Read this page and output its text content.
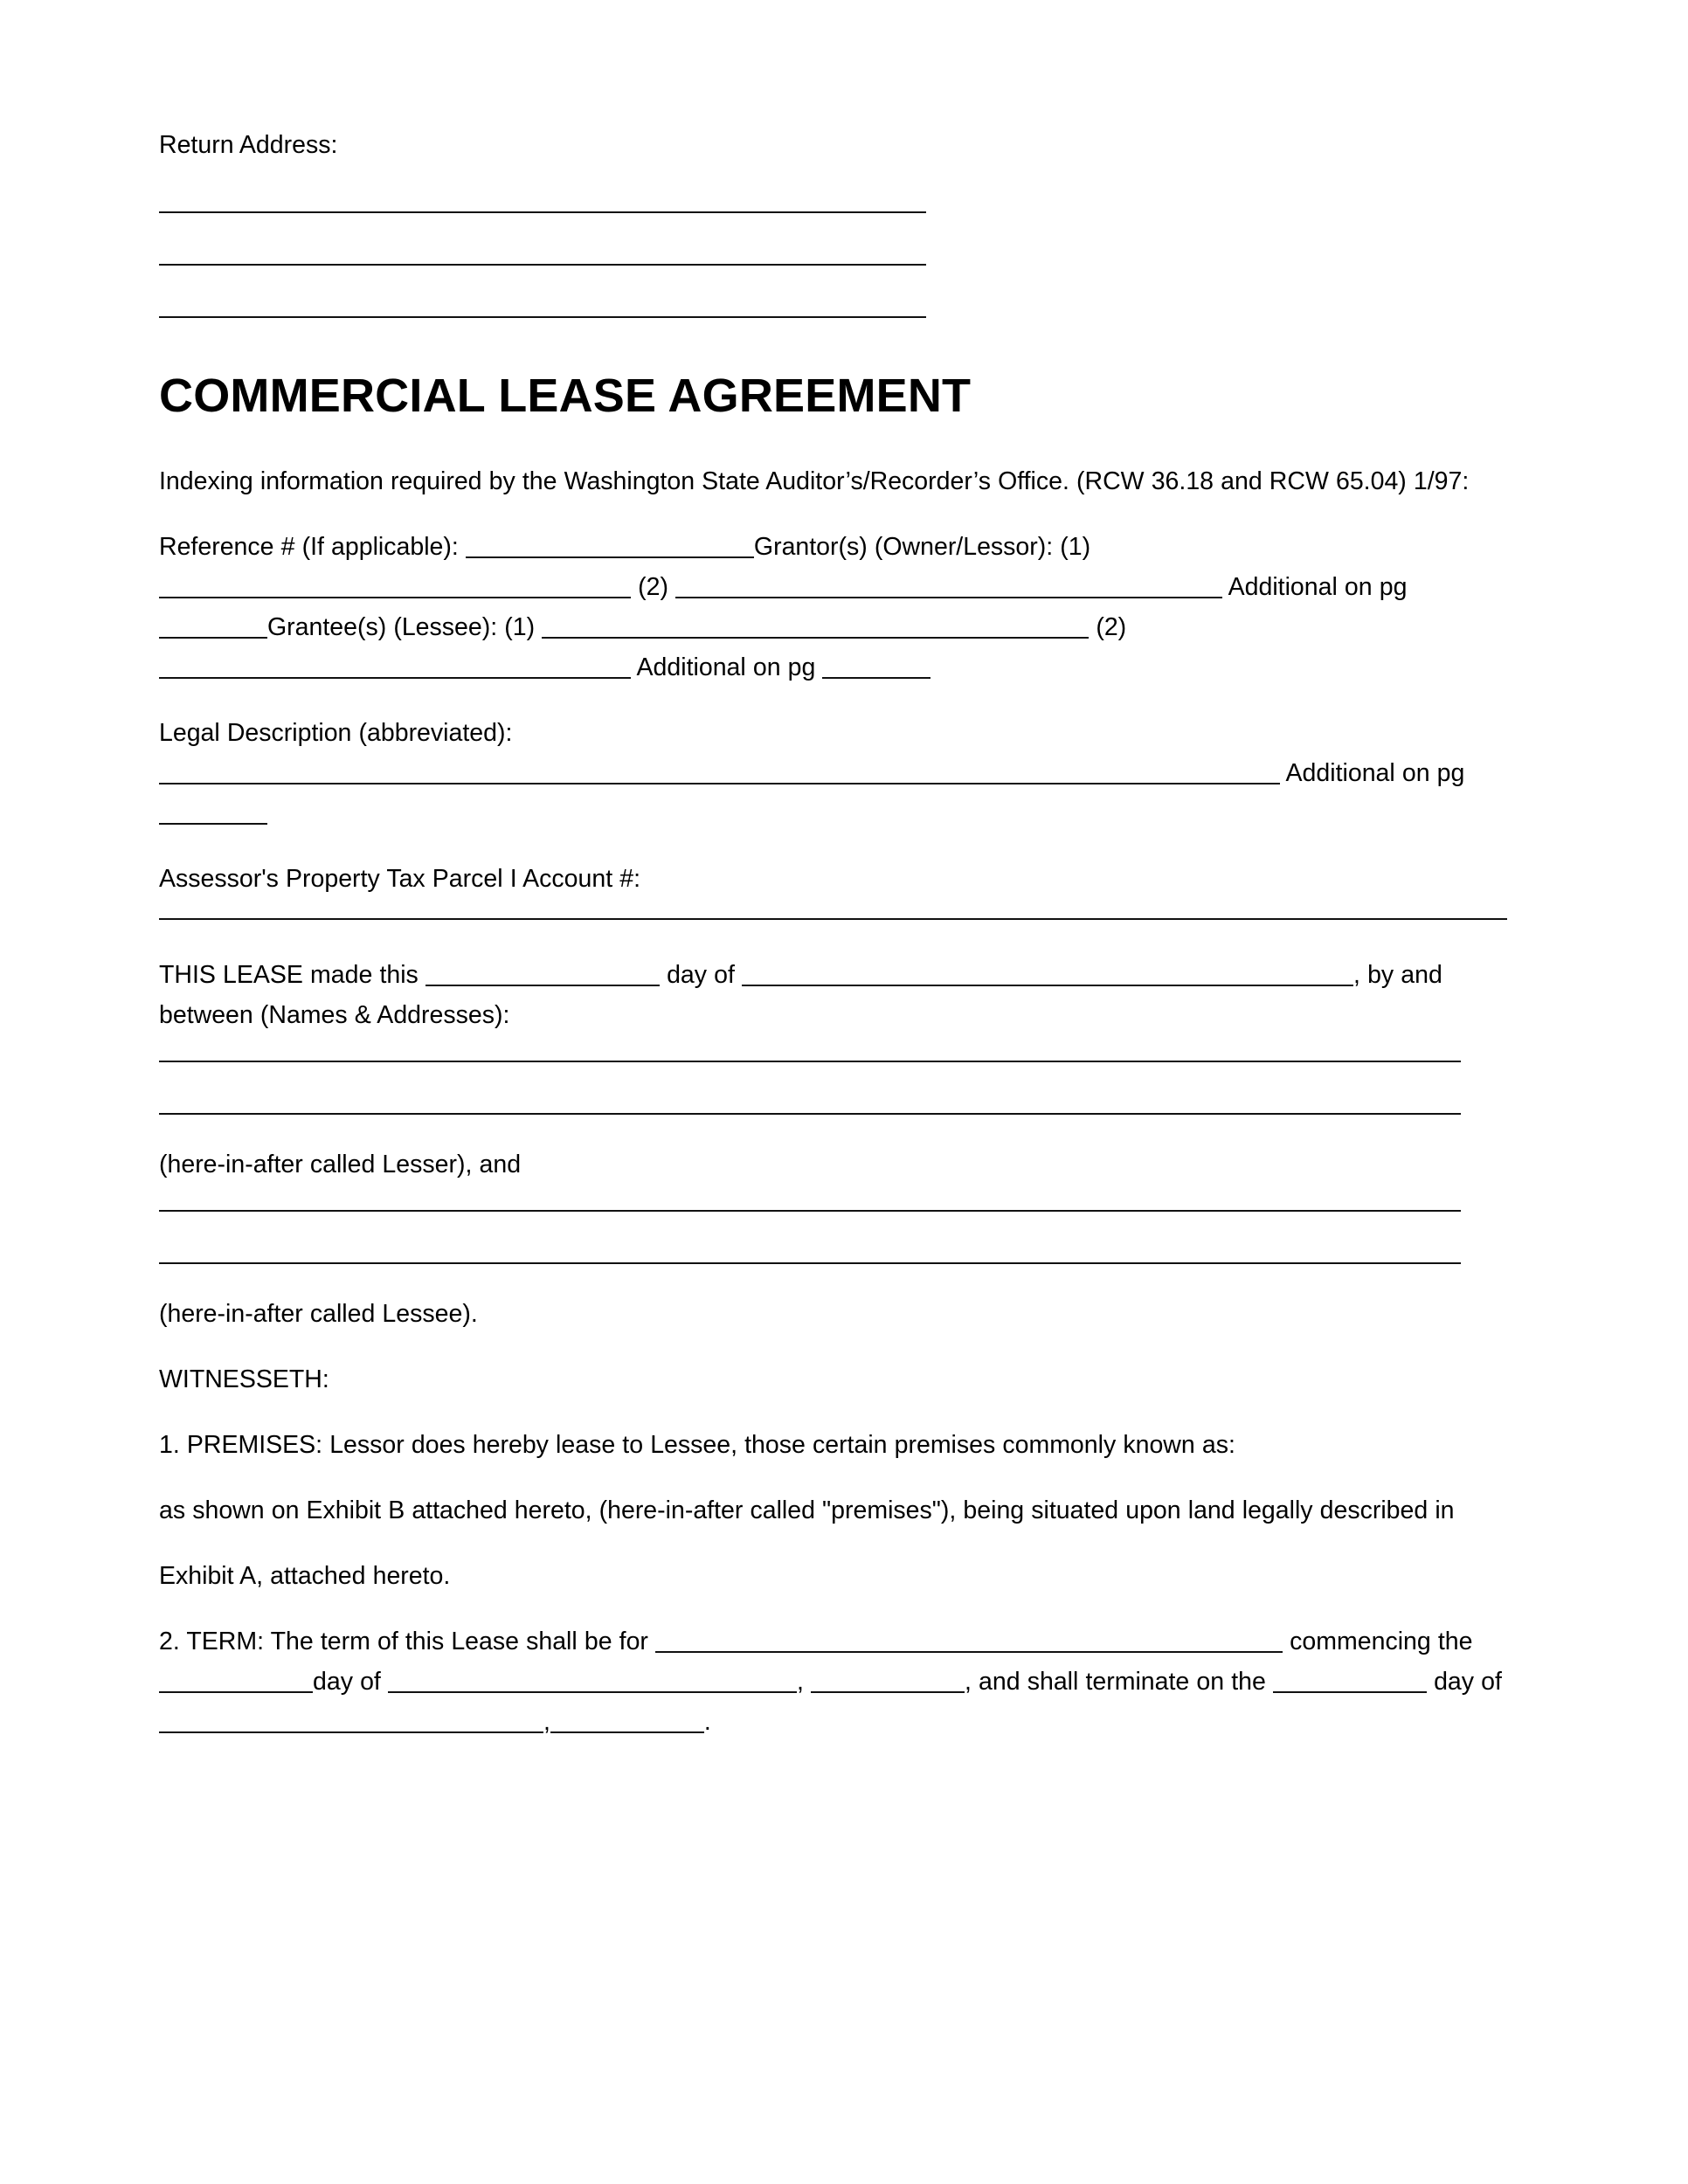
Return Address:
COMMERCIAL LEASE AGREEMENT

Indexing information required by the Washington State Auditor’s/Recorder’s Office. (RCW 36.18 and RCW 65.04) 1/97:

Reference # (If applicable):	Grantor(s) (Owner/Lessor): (1)  (2)	Additional on pg Grantee(s) (Lessee): (1)	(2)  Additional on pg

Legal Description (abbreviated):  Additional on pg

Assessor's Property Tax Parcel I Account #:

THIS LEASE made this	day of	, by and between (Names & Addresses):

(here-in-after called Lesser), and

(here-in-after called Lessee).

WITNESSETH:

1. PREMISES: Lessor does hereby lease to Lessee, those certain premises commonly known as:

as shown on Exhibit B attached hereto, (here-in-after called "premises"), being situated upon land legally described in

Exhibit A, attached hereto.

2. TERM: The term of this Lease shall be for	commencing the day of	,	, and shall terminate on the	day of ,	.
